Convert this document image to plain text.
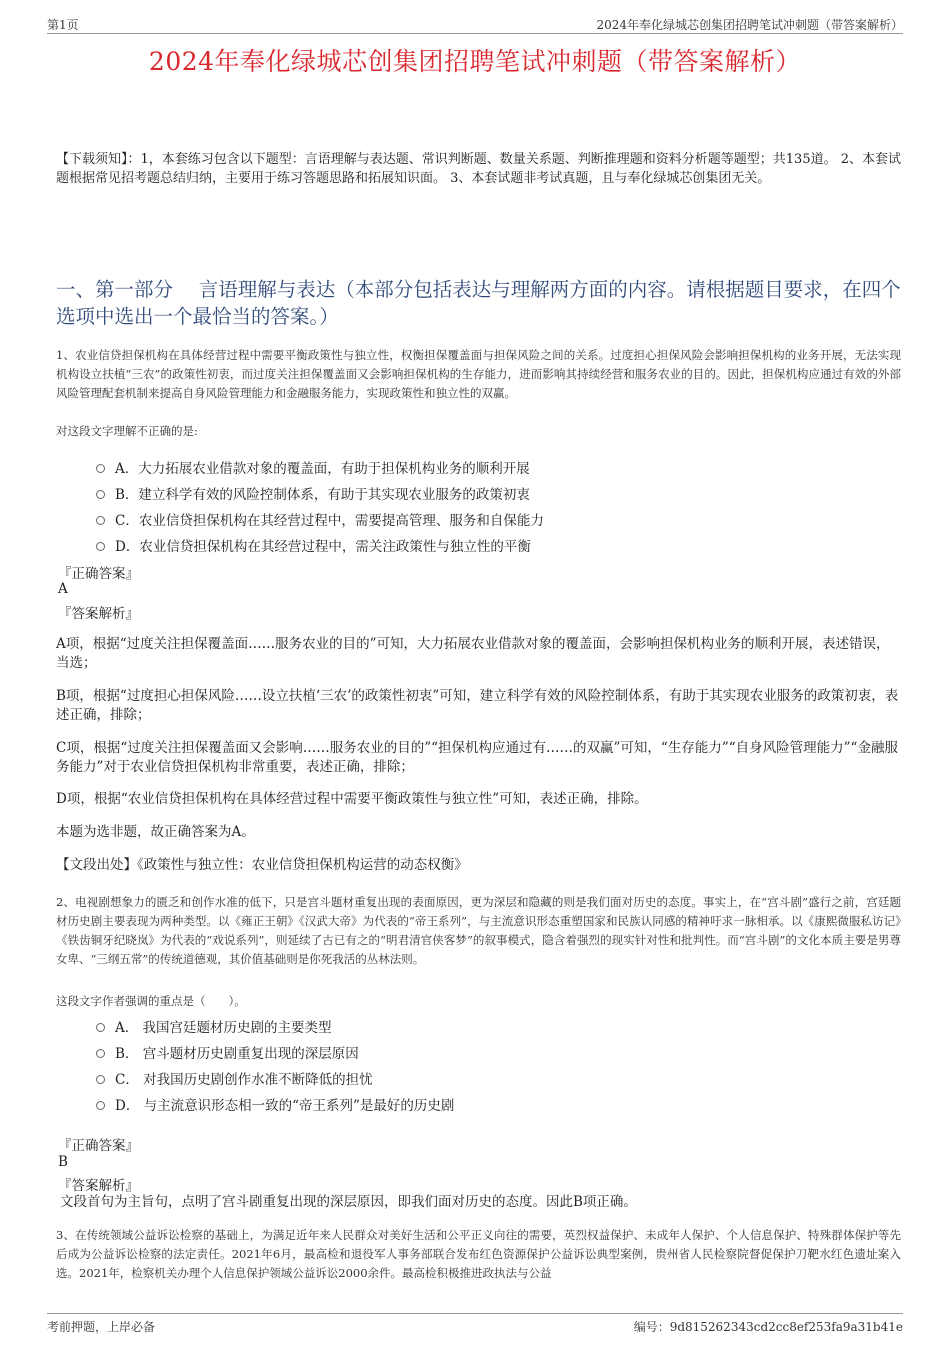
第1页	2024年奉化绿城芯创集团招聘笔试冲刺题（带答案解析）
2024年奉化绿城芯创集团招聘笔试冲刺题（带答案解析）
【下载须知】：1，本套练习包含以下题型：言语理解与表达题、常识判断题、数量关系题、判断推理题和资料分析题等题型；共135道。 2、本套试题根据常见招考题总结归纳，主要用于练习答题思路和拓展知识面。 3、本套试题非考试真题，且与奉化绿城芯创集团无关。
一、第一部分　 言语理解与表达（本部分包括表达与理解两方面的内容。请根据题目要求，在四个选项中选出一个最恰当的答案。）
1、农业信贷担保机构在具体经营过程中需要平衡政策性与独立性，权衡担保覆盖面与担保风险之间的关系。过度担心担保风险会影响担保机构的业务开展，无法实现机构设立扶植“三农”的政策性初衷，而过度关注担保覆盖面又会影响担保机构的生存能力，进而影响其持续经营和服务农业的目的。因此，担保机构应通过有效的外部风险管理配套机制来提高自身风险管理能力和金融服务能力，实现政策性和独立性的双赢。
对这段文字理解不正确的是:
A．大力拓展农业借款对象的覆盖面，有助于担保机构业务的顺利开展
B．建立科学有效的风险控制体系，有助于其实现农业服务的政策初衷
C．农业信贷担保机构在其经营过程中，需要提高管理、服务和自保能力
D．农业信贷担保机构在其经营过程中，需关注政策性与独立性的平衡
『正确答案』
A
『答案解析』
A项，根据“过度关注担保覆盖面……服务农业的目的”可知，大力拓展农业借款对象的覆盖面，会影响担保机构业务的顺利开展，表述错误，当选；
B项，根据“过度担心担保风险……设立扶植‘三农’的政策性初衷”可知，建立科学有效的风险控制体系，有助于其实现农业服务的政策初衷，表述正确，排除；
C项，根据“过度关注担保覆盖面又会影响……服务农业的目的”“担保机构应通过有……的双赢”可知，“生存能力”“自身风险管理能力”“金融服务能力”对于农业信贷担保机构非常重要，表述正确，排除；
D项，根据“农业信贷担保机构在具体经营过程中需要平衡政策性与独立性”可知，表述正确，排除。
本题为选非题，故正确答案为A。
【文段出处】《政策性与独立性：农业信贷担保机构运营的动态权衡》
2、电视剧想象力的匮乏和创作水准的低下，只是宫斗题材重复出现的表面原因，更为深层和隐藏的则是我们面对历史的态度。事实上，在“宫斗剧”盛行之前，宫廷题材历史剧主要表现为两种类型。以《雍正王朝》《汉武大帝》为代表的“帝王系列”，与主流意识形态重塑国家和民族认同感的精神吁求一脉相承。以《康熙微服私访记》《铁齿铜牙纪晓岚》为代表的“戏说系列”，则延续了古已有之的“明君清官侠客梦”的叙事模式，隐含着强烈的现实针对性和批判性。而“宫斗剧”的文化本质主要是男尊女卑、“三纲五常”的传统道德观，其价值基础则是你死我活的丛林法则。
这段文字作者强调的重点是（　　）。
A． 我国宫廷题材历史剧的主要类型
B． 宫斗题材历史剧重复出现的深层原因
C． 对我国历史剧创作水准不断降低的担忧
D． 与主流意识形态相一致的“帝王系列”是最好的历史剧
『正确答案』
B
『答案解析』
文段首句为主旨句，点明了宫斗剧重复出现的深层原因，即我们面对历史的态度。因此B项正确。
3、在传统领域公益诉讼检察的基础上，为满足近年来人民群众对美好生活和公平正义向往的需要，英烈权益保护、未成年人保护、个人信息保护、特殊群体保护等先后成为公益诉讼检察的法定责任。2021年6月，最高检和退役军人事务部联合发布红色资源保护公益诉讼典型案例，贵州省人民检察院督促保护刀靶水红色遗址案入选。2021年，检察机关办理个人信息保护领域公益诉讼2000余件。最高检积极推进政执法与公益
考前押题，上岸必备	编号：9d815262343cd2cc8ef253fa9a31b41e
